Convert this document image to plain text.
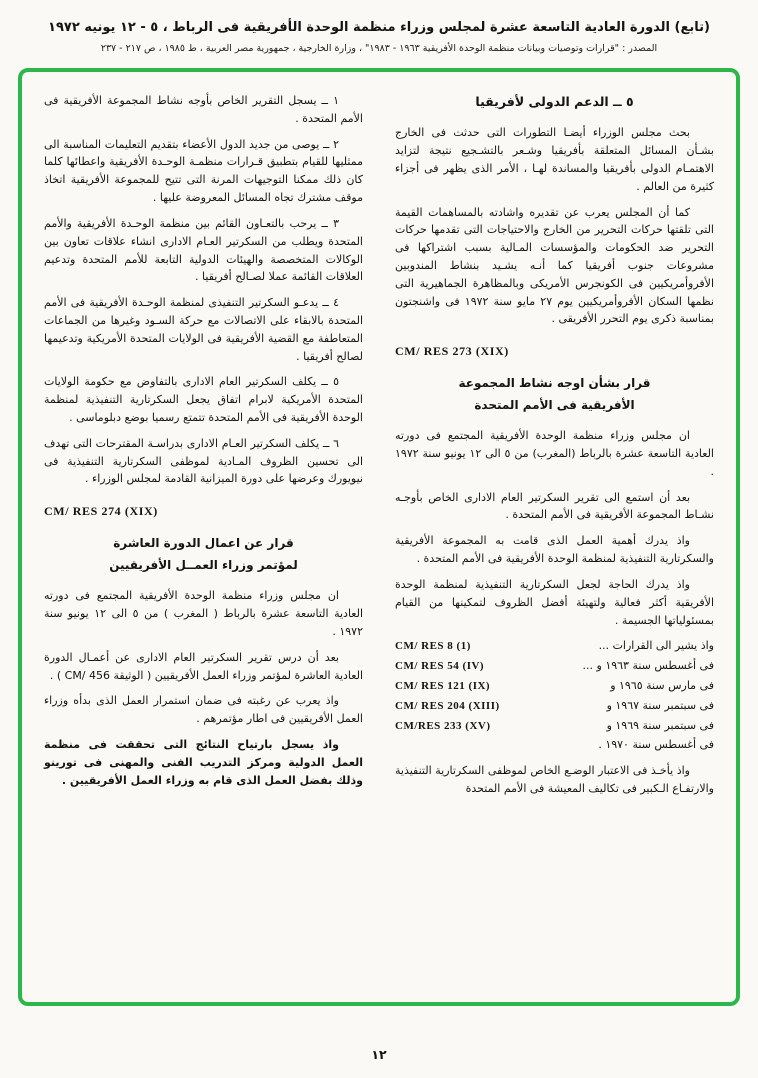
(تابع) الدورة العادية التاسعة عشرة لمجلس وزراء منظمة الوحدة الأفريقية فى الرباط ، ٥ - ١٢ يونيه ١٩٧٢
المصدر : "قرارات وتوصيات وبيانات منظمة الوحدة الأفريقية ١٩٦٣ - ١٩٨٣" ، وزارة الخارجية ، جمهورية مصر العربية ، ط ١٩٨٥ ، ص ٢١٧ - ٢٣٧
٥ ــ الدعم الدولى لأفريقيا

بحث مجلس الوزراء أيضـا التطورات التى حدثت فى الخارج بشـأن المسائل المتعلقة بأفريقيا وشـعر بالتشـجيع نتيجة لتزايد الاهتمـام الدولى بأفريقيا والمساندة لهـا ، الأمر الذى يظهر فى أجزاء كثيرة من العالم .

كما أن المجلس يعرب عن تقديره واشادته بالمساهمات القيمة التى تلقتها حركات التحرير من الخارج والاحتياجات التى تقدمها حركات التحرير ضد الحكومات والمؤسسات المـالية بسبب اشتراكها فى مشروعات جنوب أفريقيا كما أنـه يشـيد بنشاط المندوبين الأفروأمريكيين فى الكونجرس الأمريكى وبالمظاهرة الجماهيرية التى نظمها السكان الأفروأمريكيين يوم ٢٧ مايو سنة ١٩٧٢ فى واشنجتون بمناسبة ذكرى يوم التحرر الأفريقى .

CM/ RES 273 (XIX)
قرار بشأن اوجه نشاط المجموعة
الأفريقية فى الأمم المتحدة

ان مجلس وزراء منظمة الوحدة الأفريقية المجتمع فى دورته العادية التاسعة عشرة بالرباط (المغرب) من ٥ الى ١٢ يونيو سنة ١٩٧٢ .

بعد أن استمع الى تقرير السكرتير العام الادارى الخاص بأوجـه نشـاط المجموعة الأفريقية فى الأمم المتحدة .

واذ يدرك أهمية العمل الذى قامت به المجموعة الأفريقية والسكرتارية التنفيذية لمنظمة الوحدة الأفريقية فى الأمم المتحدة .

واذ يدرك الحاجة لجعل السكرتارية التنفيذية لمنظمة الوحدة الأفريقية أكثر فعالية ولتهيئة أفضل الظروف لتمكينها من القيام بمسئولياتها الجسيمة .

واذ يشير الى القرارات ...
CM/ RES 8 (1)
فى أغسطس سنة ١٩٦٣ و ...
CM/ RES 54 (IV)
فى مارس سنة ١٩٦٥ و
CM/ RES 121 (IX)
فى سبتمبر سنة ١٩٦٧ و
CM/ RES 204 (XIII)
فى سبتمبر سنة ١٩٦٩ و
CM/RES 233 (XV)
فى أغسطس سنة ١٩٧٠ .

واذ يأخـذ فى الاعتبار الوضـع الخاص لموظفى السكرتارية التنفيذية والارتفـاع الـكبير فى تكاليف المعيشة فى الأمم المتحدة

١ ــ يسجل التقرير الخاص بأوجه نشاط المجموعة الأفريقية فى الأمم المتحدة .

٢ ــ يوصى من جديد الدول الأعضاء بتقديم التعليمات المناسبة الى ممثليها للقيام بتطبيق قـرارات منظمـة الوحـدة الأفريقية واعطائها كلما كان ذلك ممكنا التوجيهات المرنة التى تتيح للمجموعة الأفريقية اتخاذ موقف مشترك تجاه المسائل المعروضة عليها .

٣ ــ يرحب بالتعـاون القائم بين منظمة الوحـدة الأفريقية والأمم المتحدة ويطلب من السكرتير العـام الادارى انشاء علاقات تعاون بين الوكالات المتخصصة والهيئات الدولية التابعة للأمم المتحدة وتدعيم العلاقات القائمة عملا لصـالح أفريقيا .

٤ ــ يدعـو السكرتير التنفيذى لمنظمة الوحـدة الأفريقية فى الأمم المتحدة بالابقاء على الاتصالات مع حركة السـود وغيرها من الجماعات المتعاطفة مع القضية الأفريقية فى الولايات المتحدة الأمريكية وتدعيمها لصالح أفريقيا .

٥ ــ يكلف السكرتير العام الادارى بالتفاوض مع حكومة الولايات المتحدة الأمريكية لابرام اتفاق يجعل السكرتارية التنفيذية لمنظمة الوحدة الأفريقية فى الأمم المتحدة تتمتع رسميا بوضع دبلوماسى .

٦ ــ يكلف السكرتير العـام الادارى بدراسـة المقترحات التى تهدف الى تحسين الظروف المـادية لموظفى السكرتارية التنفيذية فى نيويورك وعرضها على دورة الميزانية القادمة لمجلس الوزراء .

CM/ RES 274 (XIX)
قرار عن اعمال الدورة العاشرة
لمؤتمر وزراء العمــل الأفريقيين

ان مجلس وزراء منظمة الوحدة الأفريقية المجتمع فى دورته العادية التاسعة عشرة بالرباط ( المغرب ) من ٥ الى ١٢ يونيو سنة ١٩٧٢ .

بعد أن درس تقرير السكرتير العام الادارى عن أعمـال الدورة العادية العاشرة لمؤتمر وزراء العمل الأفريقيين ( الوثيقة CM/ 456 ) .

واذ يعرب عن رغبته فى ضمان استمرار العمل الذى بدأه وزراء العمل الأفريقيين فى اطار مؤتمرهم .

واذ يسجل بارتياح النتائج التى تحققت فى منظمة العمل الدولية ومركز التدريب الفنى والمهنى فى تورينو وذلك بفضل العمل الذى قام به وزراء العمل الأفريقيين .

١٢
